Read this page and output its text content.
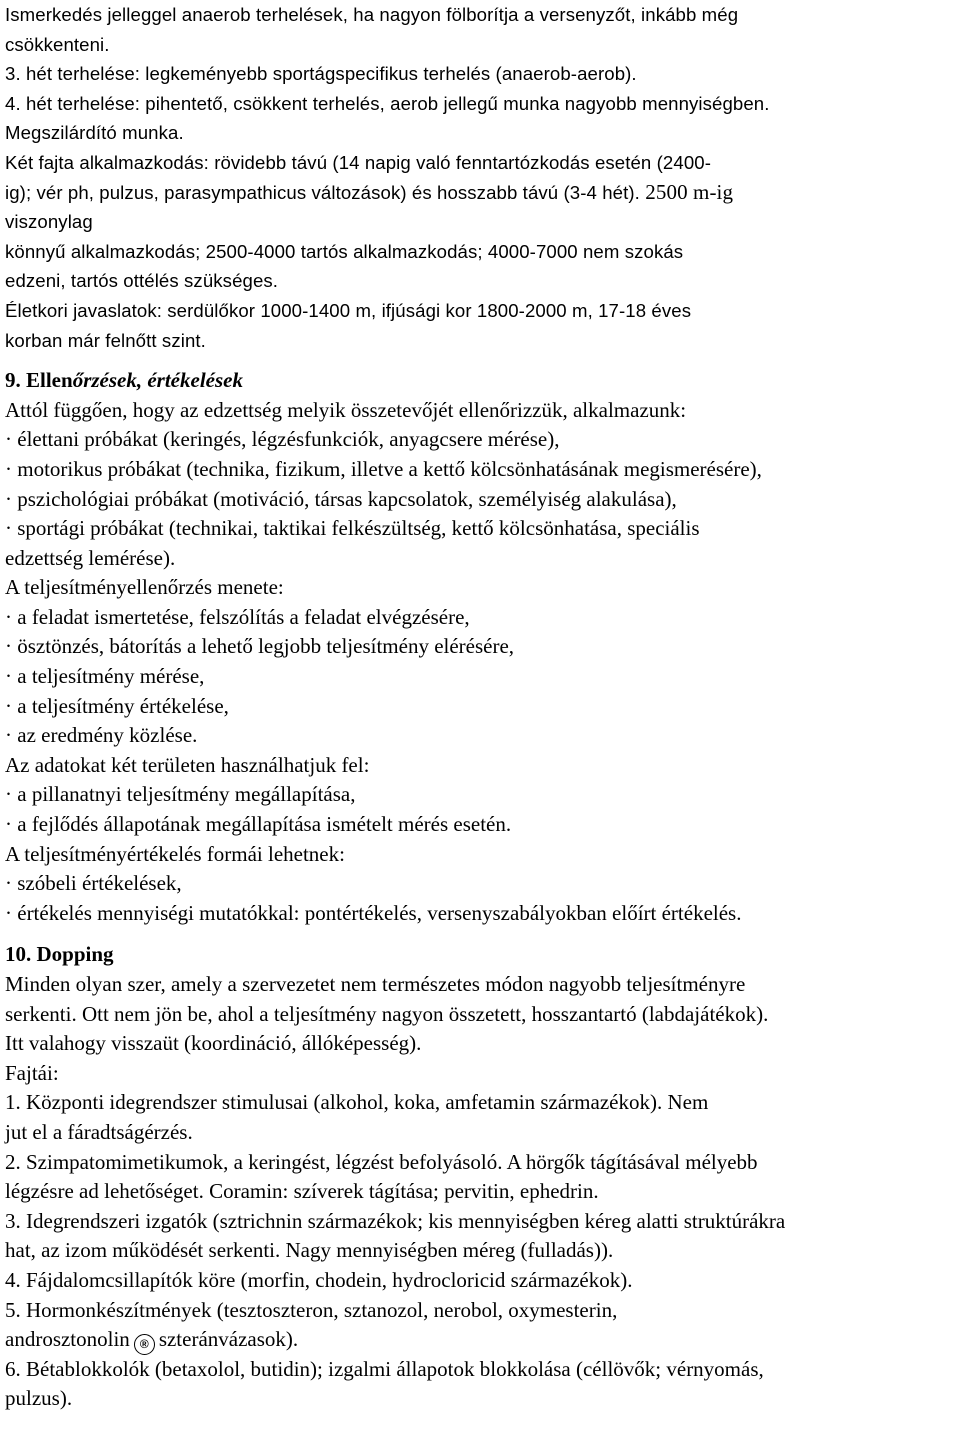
Ismerkedés jelleggel anaerob terhelések, ha nagyon fölborítja a versenyzőt, inkább még
csökkenteni.
3. hét terhelése: legkeményebb sportágspecifikus terhelés (anaerob-aerob).
4. hét terhelése: pihentető, csökkent terhelés, aerob jellegű munka nagyobb mennyiségben.
Megszilárdító munka.
Két fajta alkalmazkodás: rövidebb távú (14 napig való fenntartózkodás esetén (2400-
ig); vér ph, pulzus, parasympathicus változások) és hosszabb távú (3-4 hét). 2500 m-ig
viszonylag
könnyű alkalmazkodás; 2500-4000 tartós alkalmazkodás; 4000-7000 nem szokás
edzeni, tartós ottélés szükséges.
Életkori javaslatok: serdülőkor 1000-1400 m, ifjúsági kor 1800-2000 m, 17-18 éves
korban már felnőtt szint.
9. Ellenőrzések, értékelések
Attól függően, hogy az edzettség melyik összetevőjét ellenőrizzük, alkalmazunk:
· élettani próbákat (keringés, légzésfunkciók, anyagcsere mérése),
· motorikus próbákat (technika, fizikum, illetve a kettő kölcsönhatásának megismerésére),
· pszichológiai próbákat (motiváció, társas kapcsolatok, személyiség alakulása),
· sportági próbákat (technikai, taktikai felkészültség, kettő kölcsönhatása, speciális
edzettség lemérése).
A teljesítményellenőrzés menete:
· a feladat ismertetése, felszólítás a feladat elvégzésére,
· ösztönzés, bátorítás a lehető legjobb teljesítmény elérésére,
· a teljesítmény mérése,
· a teljesítmény értékelése,
· az eredmény közlése.
Az adatokat két területen használhatjuk fel:
· a pillanatnyi teljesítmény megállapítása,
· a fejlődés állapotának megállapítása ismételt mérés esetén.
A teljesítményértékelés formái lehetnek:
· szóbeli értékelések,
· értékelés mennyiségi mutatókkal: pontértékelés, versenyszabályokban előírt értékelés.
10. Dopping
Minden olyan szer, amely a szervezetet nem természetes módon nagyobb teljesítményre
serkenti. Ott nem jön be, ahol a teljesítmény nagyon összetett, hosszantartó (labdajátékok).
Itt valahogy visszaüt (koordináció, állóképesség).
Fajtái:
1. Központi idegrendszer stimulusai (alkohol, koka, amfetamin származékok). Nem
jut el a fáradtságérzés.
2. Szimpatomimetikumok, a keringést, légzést befolyásoló. A hörgők tágításával mélyebb
légzésre ad lehetőséget. Coramin: szíverek tágítása; pervitin, ephedrin.
3. Idegrendszeri izgatók (sztrichnin származékok; kis mennyiségben kéreg alatti struktúrákra
hat, az izom működését serkenti. Nagy mennyiségben méreg (fulladás)).
4. Fájdalomcsillapítók köre (morfin, chodein, hydrocloricid származékok).
5. Hormonkészítmények (tesztoszteron, sztanozol, nerobol, oxymesterin,
androsztonolin ® szteránvázasok).
6. Bétablokkolók (betaxolol, butidin); izgalmi állapotok blokkolása (céllövők; vérnyomás,
pulzus).
